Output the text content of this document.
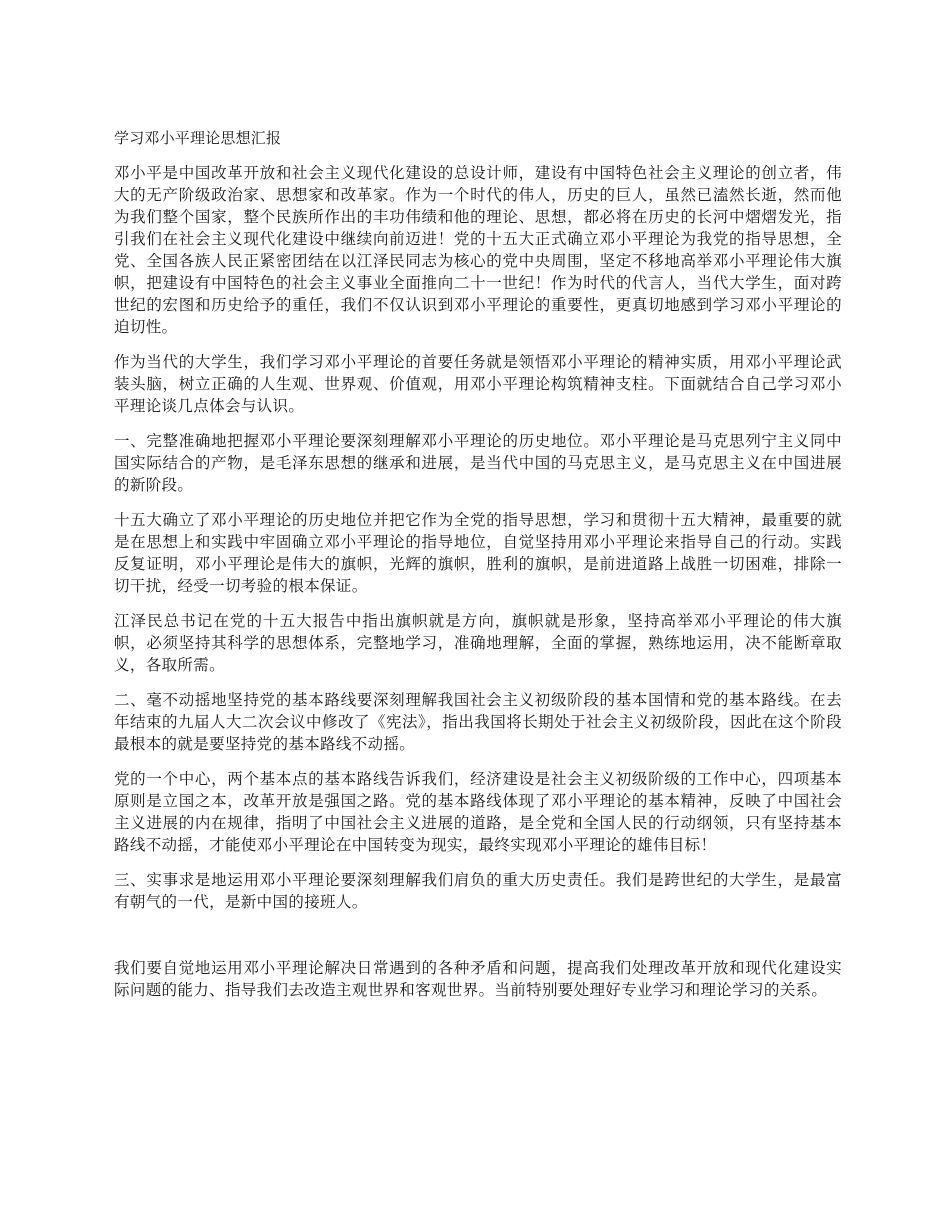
学习邓小平理论思想汇报

邓小平是中国改革开放和社会主义现代化建设的总设计师，建设有中国特色社会主义理论的创立者，伟大的无产阶级政治家、思想家和改革家。作为一个时代的伟人，历史的巨人，虽然已溘然长逝，然而他为我们整个国家，整个民族所作出的丰功伟绩和他的理论、思想，都必将在历史的长河中熠熠发光，指引我们在社会主义现代化建设中继续向前迈进！党的十五大正式确立邓小平理论为我党的指导思想，全党、全国各族人民正紧密团结在以江泽民同志为核心的党中央周围，坚定不移地高举邓小平理论伟大旗帜，把建设有中国特色的社会主义事业全面推向二十一世纪！作为时代的代言人，当代大学生，面对跨世纪的宏图和历史给予的重任，我们不仅认识到邓小平理论的重要性，更真切地感到学习邓小平理论的迫切性。

作为当代的大学生，我们学习邓小平理论的首要任务就是领悟邓小平理论的精神实质，用邓小平理论武装头脑，树立正确的人生观、世界观、价值观，用邓小平理论构筑精神支柱。下面就结合自己学习邓小平理论谈几点体会与认识。

一、完整准确地把握邓小平理论要深刻理解邓小平理论的历史地位。邓小平理论是马克思列宁主义同中国实际结合的产物，是毛泽东思想的继承和进展，是当代中国的马克思主义，是马克思主义在中国进展的新阶段。

十五大确立了邓小平理论的历史地位并把它作为全党的指导思想，学习和贯彻十五大精神，最重要的就是在思想上和实践中牢固确立邓小平理论的指导地位，自觉坚持用邓小平理论来指导自己的行动。实践反复证明，邓小平理论是伟大的旗帜，光辉的旗帜，胜利的旗帜，是前进道路上战胜一切困难，排除一切干扰，经受一切考验的根本保证。

江泽民总书记在党的十五大报告中指出旗帜就是方向，旗帜就是形象，坚持高举邓小平理论的伟大旗帜，必须坚持其科学的思想体系，完整地学习，准确地理解，全面的掌握，熟练地运用，决不能断章取义，各取所需。

二、毫不动摇地坚持党的基本路线要深刻理解我国社会主义初级阶段的基本国情和党的基本路线。在去年结束的九届人大二次会议中修改了《宪法》，指出我国将长期处于社会主义初级阶段，因此在这个阶段最根本的就是要坚持党的基本路线不动摇。

党的一个中心，两个基本点的基本路线告诉我们，经济建设是社会主义初级阶级的工作中心，四项基本原则是立国之本，改革开放是强国之路。党的基本路线体现了邓小平理论的基本精神，反映了中国社会主义进展的内在规律，指明了中国社会主义进展的道路，是全党和全国人民的行动纲领，只有坚持基本路线不动摇，才能使邓小平理论在中国转变为现实，最终实现邓小平理论的雄伟目标！

三、实事求是地运用邓小平理论要深刻理解我们肩负的重大历史责任。我们是跨世纪的大学生，是最富有朝气的一代，是新中国的接班人。

我们要自觉地运用邓小平理论解决日常遇到的各种矛盾和问题，提高我们处理改革开放和现代化建设实际问题的能力、指导我们去改造主观世界和客观世界。当前特别要处理好专业学习和理论学习的关系。
